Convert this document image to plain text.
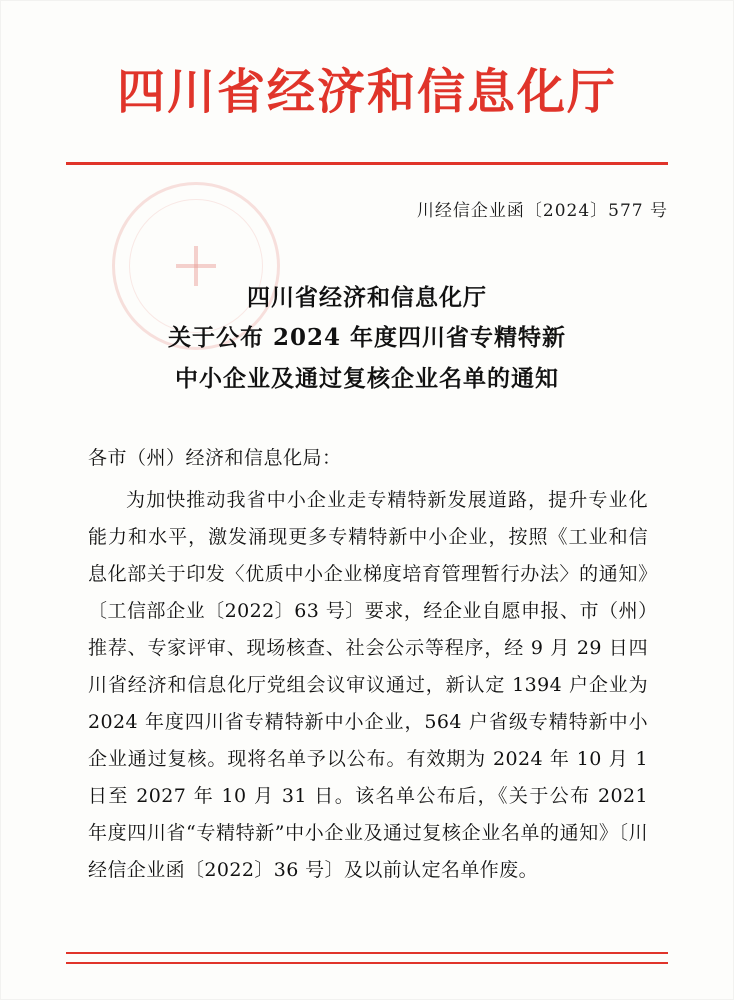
四川省经济和信息化厅
川经信企业函〔2024〕577 号
四川省经济和信息化厅
关于公布 2024 年度四川省专精特新
中小企业及通过复核企业名单的通知
各市（州）经济和信息化局：
为加快推动我省中小企业走专精特新发展道路，提升专业化能力和水平，激发涌现更多专精特新中小企业，按照《工业和信息化部关于印发〈优质中小企业梯度培育管理暂行办法〉的通知》〔工信部企业〔2022〕63 号〕要求，经企业自愿申报、市（州）推荐、专家评审、现场核查、社会公示等程序，经 9 月 29 日四川省经济和信息化厅党组会议审议通过，新认定 1394 户企业为 2024 年度四川省专精特新中小企业，564 户省级专精特新中小企业通过复核。现将名单予以公布。有效期为 2024 年 10 月 1 日至 2027 年 10 月 31 日。该名单公布后，《关于公布 2021 年度四川省“专精特新”中小企业及通过复核企业名单的通知》〔川经信企业函〔2022〕36 号〕及以前认定名单作废。
